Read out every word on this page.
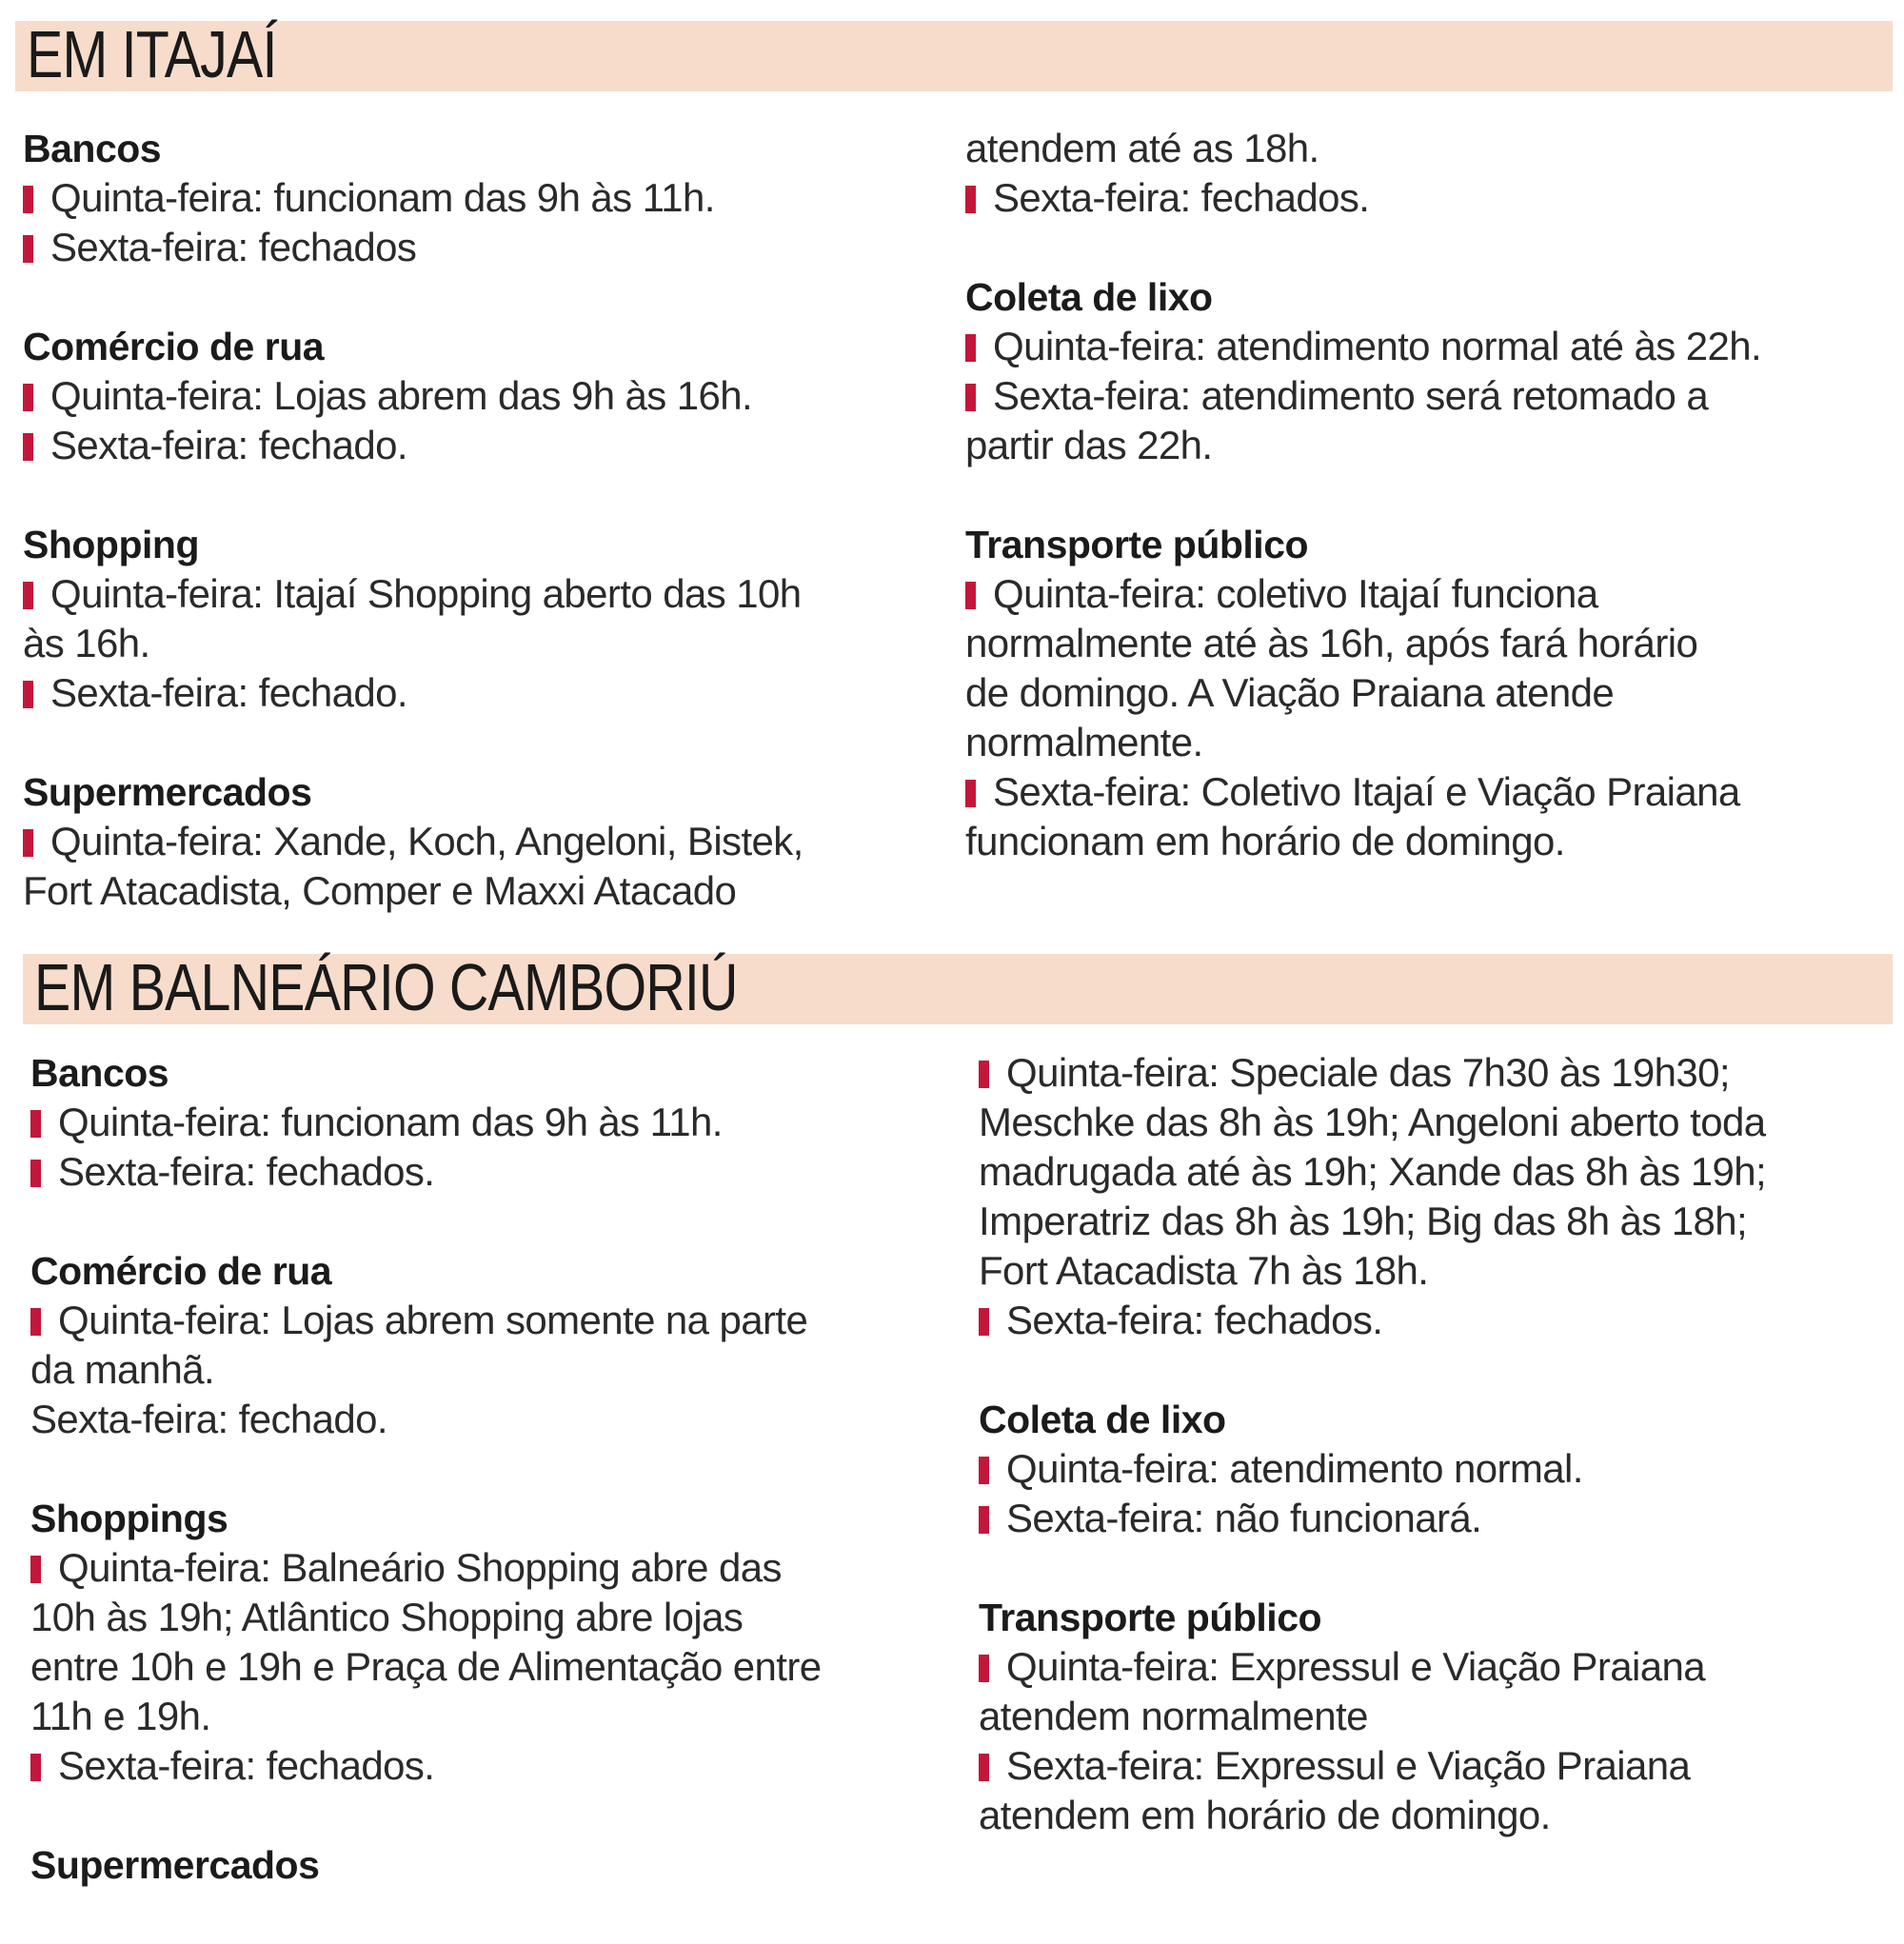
EM ITAJAÍ
Bancos
Quinta-feira: funcionam das 9h às 11h.
Sexta-feira: fechados
Comércio de rua
Quinta-feira: Lojas abrem das 9h às 16h.
Sexta-feira: fechado.
Shopping
Quinta-feira: Itajaí Shopping aberto das 10h
às 16h.
Sexta-feira: fechado.
Supermercados
Quinta-feira: Xande, Koch, Angeloni, Bistek,
Fort Atacadista, Comper e Maxxi Atacado
atendem até as 18h.
Sexta-feira: fechados.
Coleta de lixo
Quinta-feira: atendimento normal até às 22h.
Sexta-feira: atendimento será retomado a
partir das 22h.
Transporte público
Quinta-feira: coletivo Itajaí funciona
normalmente até às 16h, após fará horário
de domingo. A Viação Praiana atende
normalmente.
Sexta-feira: Coletivo Itajaí e Viação Praiana
funcionam em horário de domingo.
EM BALNEÁRIO CAMBORIÚ
Bancos
Quinta-feira: funcionam das 9h às 11h.
Sexta-feira: fechados.
Comércio de rua
Quinta-feira: Lojas abrem somente na parte
da manhã.
Sexta-feira: fechado.
Shoppings
Quinta-feira: Balneário Shopping abre das
10h às 19h; Atlântico Shopping abre lojas
entre 10h e 19h e Praça de Alimentação entre
11h e 19h.
Sexta-feira: fechados.
Supermercados
Quinta-feira: Speciale das 7h30 às 19h30;
Meschke das 8h às 19h; Angeloni aberto toda
madrugada até às 19h; Xande das 8h às 19h;
Imperatriz das 8h às 19h; Big das 8h às 18h;
Fort Atacadista 7h às 18h.
Sexta-feira: fechados.
Coleta de lixo
Quinta-feira: atendimento normal.
Sexta-feira: não funcionará.
Transporte público
Quinta-feira: Expressul e Viação Praiana
atendem normalmente
Sexta-feira: Expressul e Viação Praiana
atendem em horário de domingo.
